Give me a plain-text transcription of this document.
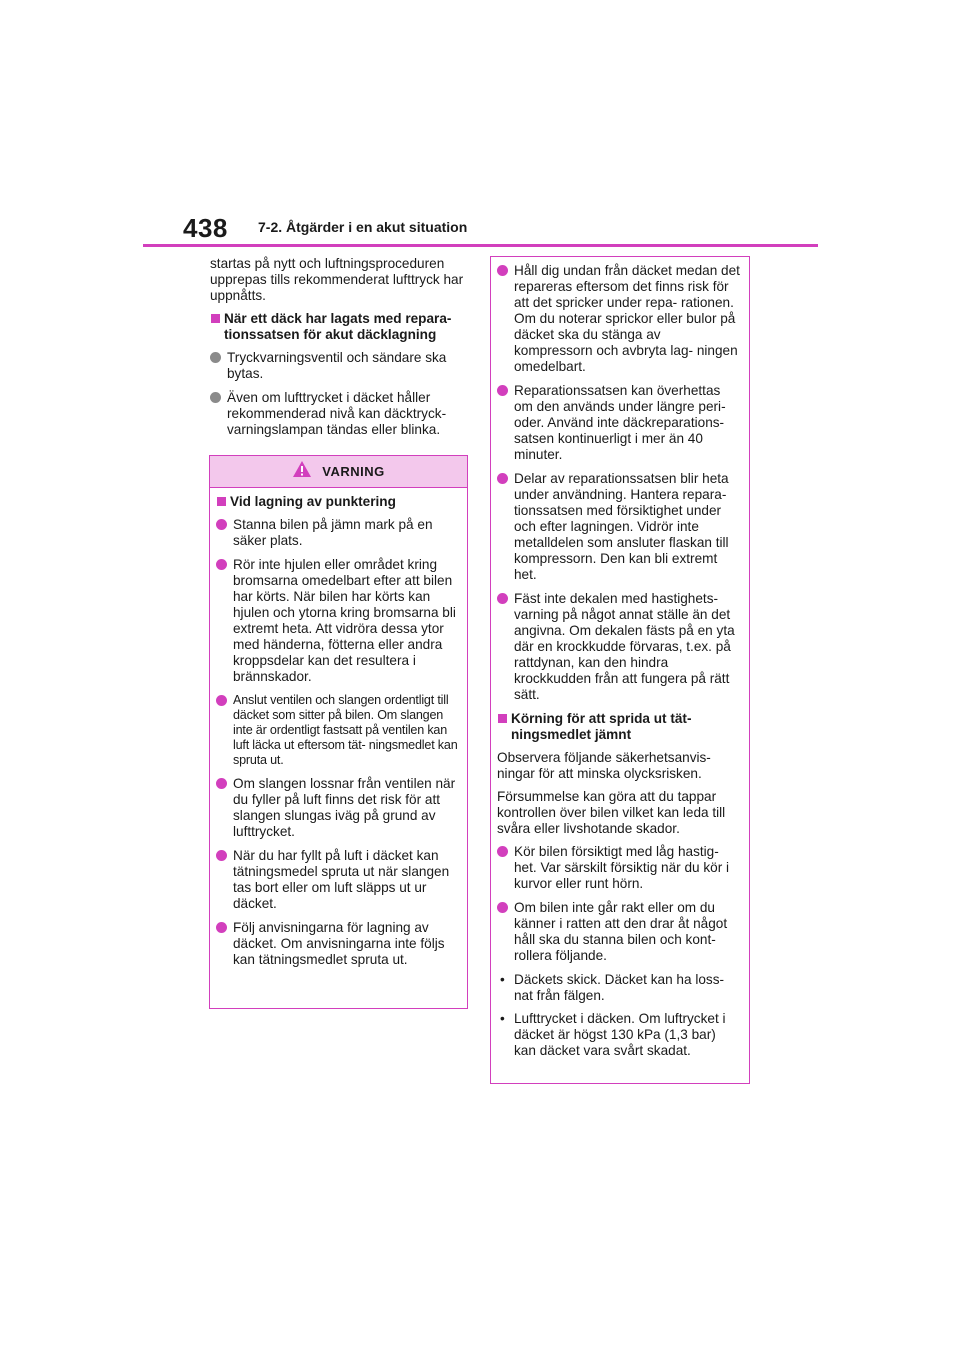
438 7-2. Åtgärder i en akut situation

startas på nytt och luftningsproceduren upprepas tills rekommenderat lufttryck har uppnåtts.

När ett däck har lagats med repara- tionssatsen för akut däcklagning
Tryckvarningsventil och sändare ska bytas.
Även om lufttrycket i däcket håller rekommenderad nivå kan däcktryck- varningslampan tändas eller blinka.
VARNING
Vid lagning av punktering
Stanna bilen på jämn mark på en säker plats.
Rör inte hjulen eller området kring bromsarna omedelbart efter att bilen har körts. När bilen har körts kan hjulen och ytorna kring bromsarna bli extremt heta. Att vidröra dessa ytor med händerna, fötterna eller andra kroppsdelar kan det resultera i brännskador.
Anslut ventilen och slangen ordentligt till däcket som sitter på bilen. Om slangen inte är ordentligt fastsatt på ventilen kan luft läcka ut eftersom tät- ningsmedlet kan spruta ut.
Om slangen lossnar från ventilen när du fyller på luft finns det risk för att slangen slungas iväg på grund av lufttrycket.
När du har fyllt på luft i däcket kan tätningsmedel spruta ut när slangen tas bort eller om luft släpps ut ur däcket.
Följ anvisningarna för lagning av däcket. Om anvisningarna inte följs kan tätningsmedlet spruta ut.
Håll dig undan från däcket medan det repareras eftersom det finns risk för att det spricker under repa- rationen. Om du noterar sprickor eller bulor på däcket ska du stänga av kompressorn och avbryta lag- ningen omedelbart.
Reparationssatsen kan överhettas om den används under längre peri- oder. Använd inte däckreparations- satsen kontinuerligt i mer än 40 minuter.
Delar av reparationssatsen blir heta under användning. Hantera repara- tionssatsen med försiktighet under och efter lagningen. Vidrör inte metalldelen som ansluter flaskan till kompressorn. Den kan bli extremt het.
Fäst inte dekalen med hastighets- varning på något annat ställe än det angivna. Om dekalen fästs på en yta där en krockkudde förvaras, t.ex. på rattdynan, kan den hindra krockkudden från att fungera på rätt sätt.
Körning för att sprida ut tät- ningsmedlet jämnt

Observera följande säkerhetsanvis- ningar för att minska olycksrisken.

Försummelse kan göra att du tappar kontrollen över bilen vilket kan leda till svåra eller livshotande skador.

Kör bilen försiktigt med låg hastig- het. Var särskilt försiktig när du kör i kurvor eller runt hörn.
Om bilen inte går rakt eller om du känner i ratten att den drar åt något håll ska du stanna bilen och kont- rollera följande.
• Däckets skick. Däcket kan ha loss- nat från fälgen.
• Lufttrycket i däcken. Om luftrycket i däcket är högst 130 kPa (1,3 bar) kan däcket vara svårt skadat.
